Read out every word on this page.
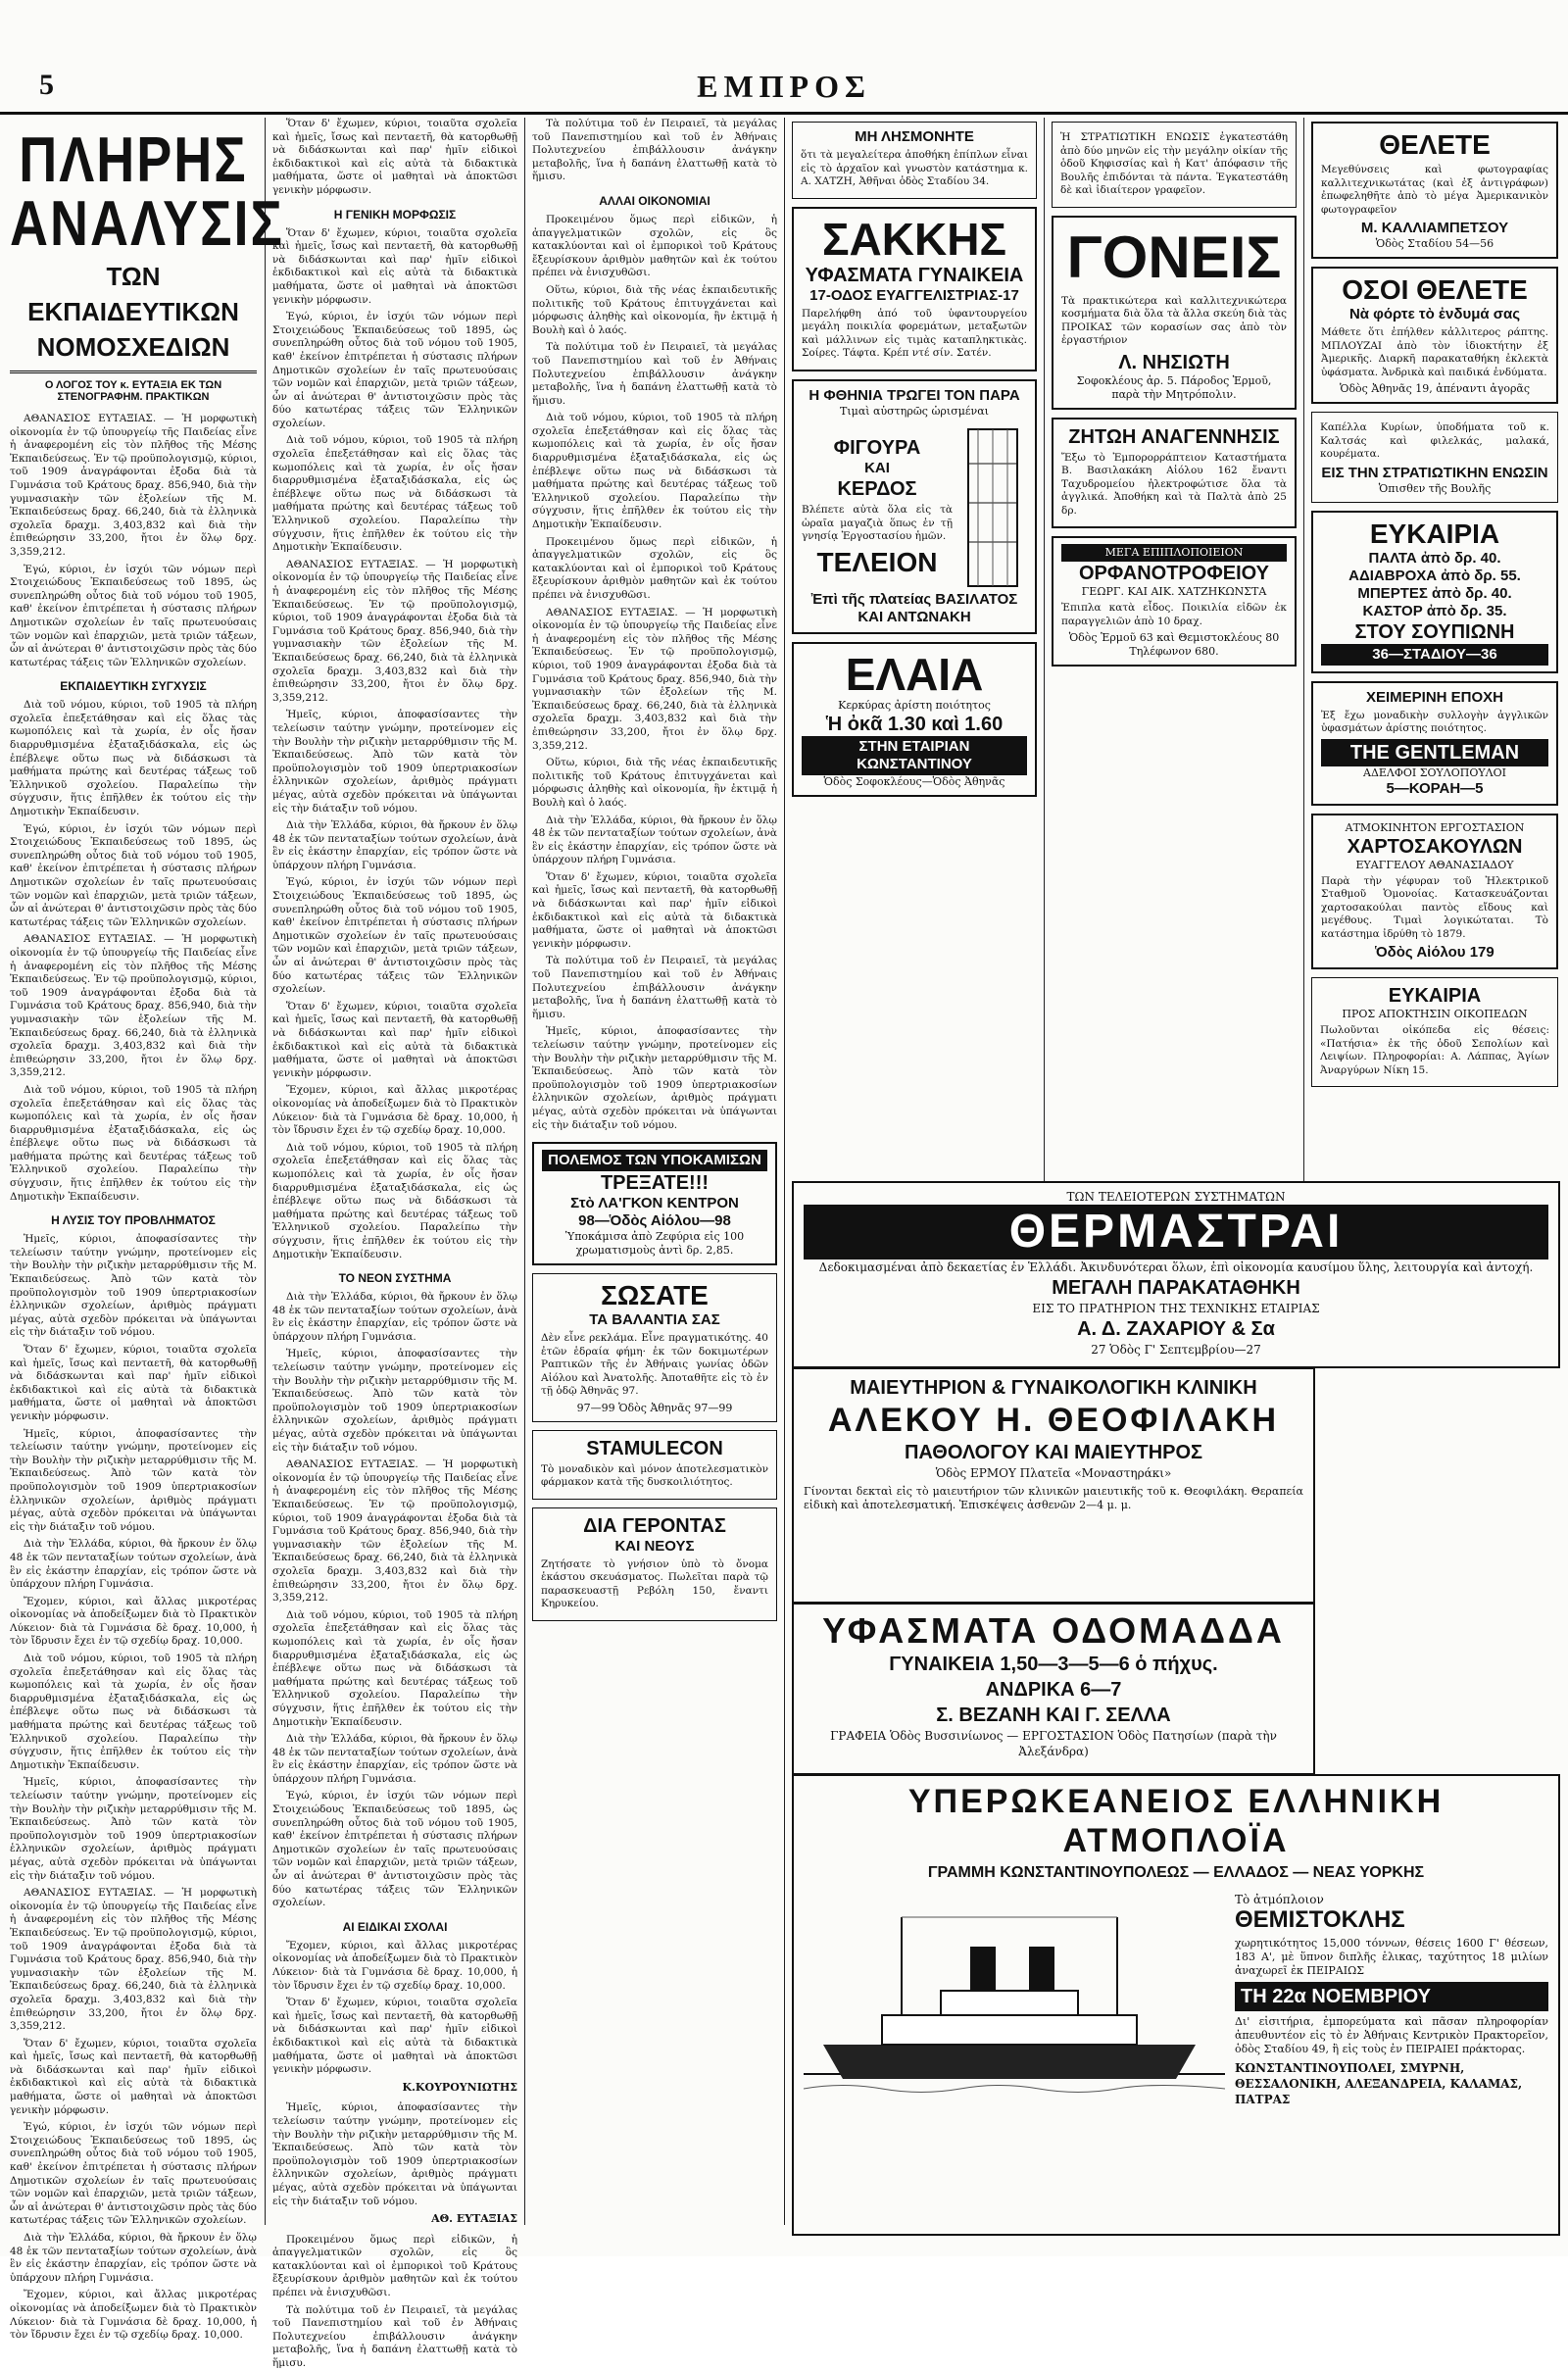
5	ΕΜΠΡΟΣ
ΠΛΗΡΗΣ ΑΝΑΛΥΣΙΣ
ΤΩΝ ΕΚΠΑΙΔΕΥΤΙΚΩΝ ΝΟΜΟΣΧΕΔΙΩΝ
Ο ΛΟΓΟΣ ΤΟΥ κ. ΕΥΤΑΞΙΑ ΕΚ ΤΩΝ ΣΤΕΝΟΓΡΑΦΗΜ. ΠΡΑΚΤΙΚΩΝ

ΑΘΑΝΑΣΙΟΣ ΕΥΤΑΞΙΑΣ. — Ἡ μορφωτικὴ οἰκονομία ἐν τῷ ὑπουργείῳ τῆς Παιδείας εἶνε ἡ ἀναφερομένη εἰς τὸν πλῆθος τῆς Μέσης Ἐκπαιδεύσεως. Ἐν τῷ προϋπολογισμῷ, κύριοι, τοῦ 1909 ἀναγράφονται ἐξοδα διὰ τὰ Γυμνάσια τοῦ Κράτους δραχ. 856,940, διὰ τὴν γυμνασιακὴν τῶν ἑξολείων τῆς Μ. Ἐκπαιδεύσεως δραχ. 66,240, διὰ τὰ ἑλληνικὰ σχολεῖα δραχμ. 3,403,832 καὶ διὰ τὴν ἐπιθεώρησιν 33,200, ἤτοι ἐν ὅλῳ δρχ. 3,359,212.

Ἐγώ, κύριοι, ἐν ἰσχύι τῶν νόμων περὶ Στοιχειώδους Ἐκπαιδεύσεως τοῦ 1895, ὡς συνεπληρώθη οὗτος διὰ τοῦ νόμου τοῦ 1905, καθ' ἐκείνον ἐπιτρέπεται ἡ σύστασις πλήρων Δημοτικῶν σχολείων ἐν ταῖς πρωτευούσαις τῶν νομῶν καὶ ἐπαρχιῶν, μετὰ τριῶν τάξεων, ὧν αἱ ἀνώτεραι θ' ἀντιστοιχῶσιν πρὸς τὰς δύο κατωτέρας τάξεις τῶν Ἑλληνικῶν σχολείων.

ΕΚΠΑΙΔΕΥΤΙΚΗ ΣΥΓΧΥΣΙΣ

Διὰ τοῦ νόμου, κύριοι, τοῦ 1905 τὰ πλήρη σχολεῖα ἐπεξετάθησαν καὶ εἰς ὅλας τὰς κωμοπόλεις καὶ τὰ χωρία, ἐν οἷς ἤσαν διαρρυθμισμένα ἑξαταξιδάσκαλα, εἰς ὡς ἐπέβλεψε οὕτω πως νὰ διδάσκωσι τὰ μαθήματα πρώτης καὶ δευτέρας τάξεως τοῦ Ἑλληνικοῦ σχολείου. Παραλείπω τὴν σύγχυσιν, ἥτις ἐπῆλθεν ἐκ τούτου εἰς τὴν Δημοτικὴν Ἐκπαίδευσιν.

Ἐγώ, κύριοι, ἐν ἰσχύι τῶν νόμων περὶ Στοιχειώδους Ἐκπαιδεύσεως τοῦ 1895, ὡς συνεπληρώθη οὗτος διὰ τοῦ νόμου τοῦ 1905, καθ' ἐκείνον ἐπιτρέπεται ἡ σύστασις πλήρων Δημοτικῶν σχολείων ἐν ταῖς πρωτευούσαις τῶν νομῶν καὶ ἐπαρχιῶν, μετὰ τριῶν τάξεων, ὧν αἱ ἀνώτεραι θ' ἀντιστοιχῶσιν πρὸς τὰς δύο κατωτέρας τάξεις τῶν Ἑλληνικῶν σχολείων.

ΑΘΑΝΑΣΙΟΣ ΕΥΤΑΞΙΑΣ. — Ἡ μορφωτικὴ οἰκονομία ἐν τῷ ὑπουργείῳ τῆς Παιδείας εἶνε ἡ ἀναφερομένη εἰς τὸν πλῆθος τῆς Μέσης Ἐκπαιδεύσεως. Ἐν τῷ προϋπολογισμῷ, κύριοι, τοῦ 1909 ἀναγράφονται ἐξοδα διὰ τὰ Γυμνάσια τοῦ Κράτους δραχ. 856,940, διὰ τὴν γυμνασιακὴν τῶν ἑξολείων τῆς Μ. Ἐκπαιδεύσεως δραχ. 66,240, διὰ τὰ ἑλληνικὰ σχολεῖα δραχμ. 3,403,832 καὶ διὰ τὴν ἐπιθεώρησιν 33,200, ἤτοι ἐν ὅλῳ δρχ. 3,359,212.

Διὰ τοῦ νόμου, κύριοι, τοῦ 1905 τὰ πλήρη σχολεῖα ἐπεξετάθησαν καὶ εἰς ὅλας τὰς κωμοπόλεις καὶ τὰ χωρία, ἐν οἷς ἤσαν διαρρυθμισμένα ἑξαταξιδάσκαλα, εἰς ὡς ἐπέβλεψε οὕτω πως νὰ διδάσκωσι τὰ μαθήματα πρώτης καὶ δευτέρας τάξεως τοῦ Ἑλληνικοῦ σχολείου. Παραλείπω τὴν σύγχυσιν, ἥτις ἐπῆλθεν ἐκ τούτου εἰς τὴν Δημοτικὴν Ἐκπαίδευσιν.

Η ΛΥΣΙΣ ΤΟΥ ΠΡΟΒΛΗΜΑΤΟΣ

Ἡμεῖς, κύριοι, ἀποφασίσαντες τὴν τελείωσιν ταύτην γνώμην, προτείνομεν εἰς τὴν Βουλὴν τὴν ριζικὴν μεταρρύθμισιν τῆς Μ. Ἐκπαιδεύσεως. Ἀπὸ τῶν κατὰ τὸν προϋπολογισμὸν τοῦ 1909 ὑπερτριακοσίων ἑλληνικῶν σχολείων, ἀριθμὸς πράγματι μέγας, αὐτὰ σχεδὸν πρόκειται νὰ ὑπάγωνται εἰς τὴν διάταξιν τοῦ νόμου.

Ὅταν δ' ἔχωμεν, κύριοι, τοιαῦτα σχολεῖα καὶ ἡμεῖς, ἴσως καὶ πενταετῆ, θὰ κατορθωθῇ νὰ διδάσκωνται καὶ παρ' ἡμῖν εἰδικοὶ ἐκδιδακτικοὶ καὶ εἰς αὐτὰ τὰ διδακτικὰ μαθήματα, ὥστε οἱ μαθηταὶ νὰ ἀποκτῶσι γενικὴν μόρφωσιν.

Ἡμεῖς, κύριοι, ἀποφασίσαντες τὴν τελείωσιν ταύτην γνώμην, προτείνομεν εἰς τὴν Βουλὴν τὴν ριζικὴν μεταρρύθμισιν τῆς Μ. Ἐκπαιδεύσεως. Ἀπὸ τῶν κατὰ τὸν προϋπολογισμὸν τοῦ 1909 ὑπερτριακοσίων ἑλληνικῶν σχολείων, ἀριθμὸς πράγματι μέγας, αὐτὰ σχεδὸν πρόκειται νὰ ὑπάγωνται εἰς τὴν διάταξιν τοῦ νόμου.

Διὰ τὴν Ἑλλάδα, κύριοι, θὰ ἤρκουν ἐν ὅλῳ 48 ἐκ τῶν πενταταξίων τούτων σχολείων, ἀνὰ ἓν εἰς ἑκάστην ἐπαρχίαν, εἰς τρόπον ὥστε νὰ ὑπάρχουν πλήρη Γυμνάσια.

Ἔχομεν, κύριοι, καὶ ἄλλας μικροτέρας οἰκονομίας νὰ ἀποδείξωμεν διὰ τὸ Πρακτικὸν Λύκειον· διὰ τὰ Γυμνάσια δὲ δραχ. 10,000, ἡ τὸν ἴδρυσιν ἔχει ἐν τῷ σχεδίῳ δραχ. 10,000.

Διὰ τοῦ νόμου, κύριοι, τοῦ 1905 τὰ πλήρη σχολεῖα ἐπεξετάθησαν καὶ εἰς ὅλας τὰς κωμοπόλεις καὶ τὰ χωρία, ἐν οἷς ἤσαν διαρρυθμισμένα ἑξαταξιδάσκαλα, εἰς ὡς ἐπέβλεψε οὕτω πως νὰ διδάσκωσι τὰ μαθήματα πρώτης καὶ δευτέρας τάξεως τοῦ Ἑλληνικοῦ σχολείου. Παραλείπω τὴν σύγχυσιν, ἥτις ἐπῆλθεν ἐκ τούτου εἰς τὴν Δημοτικὴν Ἐκπαίδευσιν.

Ἡμεῖς, κύριοι, ἀποφασίσαντες τὴν τελείωσιν ταύτην γνώμην, προτείνομεν εἰς τὴν Βουλὴν τὴν ριζικὴν μεταρρύθμισιν τῆς Μ. Ἐκπαιδεύσεως. Ἀπὸ τῶν κατὰ τὸν προϋπολογισμὸν τοῦ 1909 ὑπερτριακοσίων ἑλληνικῶν σχολείων, ἀριθμὸς πράγματι μέγας, αὐτὰ σχεδὸν πρόκειται νὰ ὑπάγωνται εἰς τὴν διάταξιν τοῦ νόμου.

ΑΘΑΝΑΣΙΟΣ ΕΥΤΑΞΙΑΣ. — Ἡ μορφωτικὴ οἰκονομία ἐν τῷ ὑπουργείῳ τῆς Παιδείας εἶνε ἡ ἀναφερομένη εἰς τὸν πλῆθος τῆς Μέσης Ἐκπαιδεύσεως. Ἐν τῷ προϋπολογισμῷ, κύριοι, τοῦ 1909 ἀναγράφονται ἐξοδα διὰ τὰ Γυμνάσια τοῦ Κράτους δραχ. 856,940, διὰ τὴν γυμνασιακὴν τῶν ἑξολείων τῆς Μ. Ἐκπαιδεύσεως δραχ. 66,240, διὰ τὰ ἑλληνικὰ σχολεῖα δραχμ. 3,403,832 καὶ διὰ τὴν ἐπιθεώρησιν 33,200, ἤτοι ἐν ὅλῳ δρχ. 3,359,212.

Ὅταν δ' ἔχωμεν, κύριοι, τοιαῦτα σχολεῖα καὶ ἡμεῖς, ἴσως καὶ πενταετῆ, θὰ κατορθωθῇ νὰ διδάσκωνται καὶ παρ' ἡμῖν εἰδικοὶ ἐκδιδακτικοὶ καὶ εἰς αὐτὰ τὰ διδακτικὰ μαθήματα, ὥστε οἱ μαθηταὶ νὰ ἀποκτῶσι γενικὴν μόρφωσιν.

Ἐγώ, κύριοι, ἐν ἰσχύι τῶν νόμων περὶ Στοιχειώδους Ἐκπαιδεύσεως τοῦ 1895, ὡς συνεπληρώθη οὗτος διὰ τοῦ νόμου τοῦ 1905, καθ' ἐκείνον ἐπιτρέπεται ἡ σύστασις πλήρων Δημοτικῶν σχολείων ἐν ταῖς πρωτευούσαις τῶν νομῶν καὶ ἐπαρχιῶν, μετὰ τριῶν τάξεων, ὧν αἱ ἀνώτεραι θ' ἀντιστοιχῶσιν πρὸς τὰς δύο κατωτέρας τάξεις τῶν Ἑλληνικῶν σχολείων.

Διὰ τὴν Ἑλλάδα, κύριοι, θὰ ἤρκουν ἐν ὅλῳ 48 ἐκ τῶν πενταταξίων τούτων σχολείων, ἀνὰ ἓν εἰς ἑκάστην ἐπαρχίαν, εἰς τρόπον ὥστε νὰ ὑπάρχουν πλήρη Γυμνάσια.

Ἔχομεν, κύριοι, καὶ ἄλλας μικροτέρας οἰκονομίας νὰ ἀποδείξωμεν διὰ τὸ Πρακτικὸν Λύκειον· διὰ τὰ Γυμνάσια δὲ δραχ. 10,000, ἡ τὸν ἴδρυσιν ἔχει ἐν τῷ σχεδίῳ δραχ. 10,000.

Ὅταν δ' ἔχωμεν, κύριοι, τοιαῦτα σχολεῖα καὶ ἡμεῖς, ἴσως καὶ πενταετῆ, θὰ κατορθωθῇ νὰ διδάσκωνται καὶ παρ' ἡμῖν εἰδικοὶ ἐκδιδακτικοὶ καὶ εἰς αὐτὰ τὰ διδακτικὰ μαθήματα, ὥστε οἱ μαθηταὶ νὰ ἀποκτῶσι γενικὴν μόρφωσιν.

Η ΓΕΝΙΚΗ ΜΟΡΦΩΣΙΣ

Ὅταν δ' ἔχωμεν, κύριοι, τοιαῦτα σχολεῖα καὶ ἡμεῖς, ἴσως καὶ πενταετῆ, θὰ κατορθωθῇ νὰ διδάσκωνται καὶ παρ' ἡμῖν εἰδικοὶ ἐκδιδακτικοὶ καὶ εἰς αὐτὰ τὰ διδακτικὰ μαθήματα, ὥστε οἱ μαθηταὶ νὰ ἀποκτῶσι γενικὴν μόρφωσιν.

Ἐγώ, κύριοι, ἐν ἰσχύι τῶν νόμων περὶ Στοιχειώδους Ἐκπαιδεύσεως τοῦ 1895, ὡς συνεπληρώθη οὗτος διὰ τοῦ νόμου τοῦ 1905, καθ' ἐκείνον ἐπιτρέπεται ἡ σύστασις πλήρων Δημοτικῶν σχολείων ἐν ταῖς πρωτευούσαις τῶν νομῶν καὶ ἐπαρχιῶν, μετὰ τριῶν τάξεων, ὧν αἱ ἀνώτεραι θ' ἀντιστοιχῶσιν πρὸς τὰς δύο κατωτέρας τάξεις τῶν Ἑλληνικῶν σχολείων.

Διὰ τοῦ νόμου, κύριοι, τοῦ 1905 τὰ πλήρη σχολεῖα ἐπεξετάθησαν καὶ εἰς ὅλας τὰς κωμοπόλεις καὶ τὰ χωρία, ἐν οἷς ἤσαν διαρρυθμισμένα ἑξαταξιδάσκαλα, εἰς ὡς ἐπέβλεψε οὕτω πως νὰ διδάσκωσι τὰ μαθήματα πρώτης καὶ δευτέρας τάξεως τοῦ Ἑλληνικοῦ σχολείου. Παραλείπω τὴν σύγχυσιν, ἥτις ἐπῆλθεν ἐκ τούτου εἰς τὴν Δημοτικὴν Ἐκπαίδευσιν.

ΑΘΑΝΑΣΙΟΣ ΕΥΤΑΞΙΑΣ. — Ἡ μορφωτικὴ οἰκονομία ἐν τῷ ὑπουργείῳ τῆς Παιδείας εἶνε ἡ ἀναφερομένη εἰς τὸν πλῆθος τῆς Μέσης Ἐκπαιδεύσεως. Ἐν τῷ προϋπολογισμῷ, κύριοι, τοῦ 1909 ἀναγράφονται ἐξοδα διὰ τὰ Γυμνάσια τοῦ Κράτους δραχ. 856,940, διὰ τὴν γυμνασιακὴν τῶν ἑξολείων τῆς Μ. Ἐκπαιδεύσεως δραχ. 66,240, διὰ τὰ ἑλληνικὰ σχολεῖα δραχμ. 3,403,832 καὶ διὰ τὴν ἐπιθεώρησιν 33,200, ἤτοι ἐν ὅλῳ δρχ. 3,359,212.

Ἡμεῖς, κύριοι, ἀποφασίσαντες τὴν τελείωσιν ταύτην γνώμην, προτείνομεν εἰς τὴν Βουλὴν τὴν ριζικὴν μεταρρύθμισιν τῆς Μ. Ἐκπαιδεύσεως. Ἀπὸ τῶν κατὰ τὸν προϋπολογισμὸν τοῦ 1909 ὑπερτριακοσίων ἑλληνικῶν σχολείων, ἀριθμὸς πράγματι μέγας, αὐτὰ σχεδὸν πρόκειται νὰ ὑπάγωνται εἰς τὴν διάταξιν τοῦ νόμου.

Διὰ τὴν Ἑλλάδα, κύριοι, θὰ ἤρκουν ἐν ὅλῳ 48 ἐκ τῶν πενταταξίων τούτων σχολείων, ἀνὰ ἓν εἰς ἑκάστην ἐπαρχίαν, εἰς τρόπον ὥστε νὰ ὑπάρχουν πλήρη Γυμνάσια.

Ἐγώ, κύριοι, ἐν ἰσχύι τῶν νόμων περὶ Στοιχειώδους Ἐκπαιδεύσεως τοῦ 1895, ὡς συνεπληρώθη οὗτος διὰ τοῦ νόμου τοῦ 1905, καθ' ἐκείνον ἐπιτρέπεται ἡ σύστασις πλήρων Δημοτικῶν σχολείων ἐν ταῖς πρωτευούσαις τῶν νομῶν καὶ ἐπαρχιῶν, μετὰ τριῶν τάξεων, ὧν αἱ ἀνώτεραι θ' ἀντιστοιχῶσιν πρὸς τὰς δύο κατωτέρας τάξεις τῶν Ἑλληνικῶν σχολείων.

Ὅταν δ' ἔχωμεν, κύριοι, τοιαῦτα σχολεῖα καὶ ἡμεῖς, ἴσως καὶ πενταετῆ, θὰ κατορθωθῇ νὰ διδάσκωνται καὶ παρ' ἡμῖν εἰδικοὶ ἐκδιδακτικοὶ καὶ εἰς αὐτὰ τὰ διδακτικὰ μαθήματα, ὥστε οἱ μαθηταὶ νὰ ἀποκτῶσι γενικὴν μόρφωσιν.

Ἔχομεν, κύριοι, καὶ ἄλλας μικροτέρας οἰκονομίας νὰ ἀποδείξωμεν διὰ τὸ Πρακτικὸν Λύκειον· διὰ τὰ Γυμνάσια δὲ δραχ. 10,000, ἡ τὸν ἴδρυσιν ἔχει ἐν τῷ σχεδίῳ δραχ. 10,000.

Διὰ τοῦ νόμου, κύριοι, τοῦ 1905 τὰ πλήρη σχολεῖα ἐπεξετάθησαν καὶ εἰς ὅλας τὰς κωμοπόλεις καὶ τὰ χωρία, ἐν οἷς ἤσαν διαρρυθμισμένα ἑξαταξιδάσκαλα, εἰς ὡς ἐπέβλεψε οὕτω πως νὰ διδάσκωσι τὰ μαθήματα πρώτης καὶ δευτέρας τάξεως τοῦ Ἑλληνικοῦ σχολείου. Παραλείπω τὴν σύγχυσιν, ἥτις ἐπῆλθεν ἐκ τούτου εἰς τὴν Δημοτικὴν Ἐκπαίδευσιν.

ΤΟ ΝΕΟΝ ΣΥΣΤΗΜΑ

Διὰ τὴν Ἑλλάδα, κύριοι, θὰ ἤρκουν ἐν ὅλῳ 48 ἐκ τῶν πενταταξίων τούτων σχολείων, ἀνὰ ἓν εἰς ἑκάστην ἐπαρχίαν, εἰς τρόπον ὥστε νὰ ὑπάρχουν πλήρη Γυμνάσια.

Ἡμεῖς, κύριοι, ἀποφασίσαντες τὴν τελείωσιν ταύτην γνώμην, προτείνομεν εἰς τὴν Βουλὴν τὴν ριζικὴν μεταρρύθμισιν τῆς Μ. Ἐκπαιδεύσεως. Ἀπὸ τῶν κατὰ τὸν προϋπολογισμὸν τοῦ 1909 ὑπερτριακοσίων ἑλληνικῶν σχολείων, ἀριθμὸς πράγματι μέγας, αὐτὰ σχεδὸν πρόκειται νὰ ὑπάγωνται εἰς τὴν διάταξιν τοῦ νόμου.

ΑΘΑΝΑΣΙΟΣ ΕΥΤΑΞΙΑΣ. — Ἡ μορφωτικὴ οἰκονομία ἐν τῷ ὑπουργείῳ τῆς Παιδείας εἶνε ἡ ἀναφερομένη εἰς τὸν πλῆθος τῆς Μέσης Ἐκπαιδεύσεως. Ἐν τῷ προϋπολογισμῷ, κύριοι, τοῦ 1909 ἀναγράφονται ἐξοδα διὰ τὰ Γυμνάσια τοῦ Κράτους δραχ. 856,940, διὰ τὴν γυμνασιακὴν τῶν ἑξολείων τῆς Μ. Ἐκπαιδεύσεως δραχ. 66,240, διὰ τὰ ἑλληνικὰ σχολεῖα δραχμ. 3,403,832 καὶ διὰ τὴν ἐπιθεώρησιν 33,200, ἤτοι ἐν ὅλῳ δρχ. 3,359,212.

Διὰ τοῦ νόμου, κύριοι, τοῦ 1905 τὰ πλήρη σχολεῖα ἐπεξετάθησαν καὶ εἰς ὅλας τὰς κωμοπόλεις καὶ τὰ χωρία, ἐν οἷς ἤσαν διαρρυθμισμένα ἑξαταξιδάσκαλα, εἰς ὡς ἐπέβλεψε οὕτω πως νὰ διδάσκωσι τὰ μαθήματα πρώτης καὶ δευτέρας τάξεως τοῦ Ἑλληνικοῦ σχολείου. Παραλείπω τὴν σύγχυσιν, ἥτις ἐπῆλθεν ἐκ τούτου εἰς τὴν Δημοτικὴν Ἐκπαίδευσιν.

Διὰ τὴν Ἑλλάδα, κύριοι, θὰ ἤρκουν ἐν ὅλῳ 48 ἐκ τῶν πενταταξίων τούτων σχολείων, ἀνὰ ἓν εἰς ἑκάστην ἐπαρχίαν, εἰς τρόπον ὥστε νὰ ὑπάρχουν πλήρη Γυμνάσια.

Ἐγώ, κύριοι, ἐν ἰσχύι τῶν νόμων περὶ Στοιχειώδους Ἐκπαιδεύσεως τοῦ 1895, ὡς συνεπληρώθη οὗτος διὰ τοῦ νόμου τοῦ 1905, καθ' ἐκείνον ἐπιτρέπεται ἡ σύστασις πλήρων Δημοτικῶν σχολείων ἐν ταῖς πρωτευούσαις τῶν νομῶν καὶ ἐπαρχιῶν, μετὰ τριῶν τάξεων, ὧν αἱ ἀνώτεραι θ' ἀντιστοιχῶσιν πρὸς τὰς δύο κατωτέρας τάξεις τῶν Ἑλληνικῶν σχολείων.

ΑΙ ΕΙΔΙΚΑΙ ΣΧΟΛΑΙ

Ἔχομεν, κύριοι, καὶ ἄλλας μικροτέρας οἰκονομίας νὰ ἀποδείξωμεν διὰ τὸ Πρακτικὸν Λύκειον· διὰ τὰ Γυμνάσια δὲ δραχ. 10,000, ἡ τὸν ἴδρυσιν ἔχει ἐν τῷ σχεδίῳ δραχ. 10,000.

Ὅταν δ' ἔχωμεν, κύριοι, τοιαῦτα σχολεῖα καὶ ἡμεῖς, ἴσως καὶ πενταετῆ, θὰ κατορθωθῇ νὰ διδάσκωνται καὶ παρ' ἡμῖν εἰδικοὶ ἐκδιδακτικοὶ καὶ εἰς αὐτὰ τὰ διδακτικὰ μαθήματα, ὥστε οἱ μαθηταὶ νὰ ἀποκτῶσι γενικὴν μόρφωσιν.

Κ.ΚΟΥΡΟΥΝΙΩΤΗΣ

Ἡμεῖς, κύριοι, ἀποφασίσαντες τὴν τελείωσιν ταύτην γνώμην, προτείνομεν εἰς τὴν Βουλὴν τὴν ριζικὴν μεταρρύθμισιν τῆς Μ. Ἐκπαιδεύσεως. Ἀπὸ τῶν κατὰ τὸν προϋπολογισμὸν τοῦ 1909 ὑπερτριακοσίων ἑλληνικῶν σχολείων, ἀριθμὸς πράγματι μέγας, αὐτὰ σχεδὸν πρόκειται νὰ ὑπάγωνται εἰς τὴν διάταξιν τοῦ νόμου.

ΑΘ. ΕΥΤΑΞΙΑΣ

Προκειμένου ὅμως περὶ εἰδικῶν, ἡ ἀπαγγελματικῶν σχολῶν, εἰς ὃς κατακλύονται καὶ οἱ ἐμπορικοὶ τοῦ Κράτους ἔξευρίσκουν ἀριθμὸν μαθητῶν καὶ ἐκ τούτου πρέπει νὰ ἐνισχυθῶσι.

Τὰ πολύτιμα τοῦ ἐν Πειραιεῖ, τὰ μεγάλας τοῦ Πανεπιστημίου καὶ τοῦ ἐν Ἀθήναις Πολυτεχνείου ἐπιβάλλουσιν ἀνάγκην μεταβολῆς, ἵνα ἡ δαπάνη ἐλαττωθῇ κατὰ τὸ ἥμισυ.

Τὰ πολύτιμα τοῦ ἐν Πειραιεῖ, τὰ μεγάλας τοῦ Πανεπιστημίου καὶ τοῦ ἐν Ἀθήναις Πολυτεχνείου ἐπιβάλλουσιν ἀνάγκην μεταβολῆς, ἵνα ἡ δαπάνη ἐλαττωθῇ κατὰ τὸ ἥμισυ.

ΑΛΛΑΙ ΟΙΚΟΝΟΜΙΑΙ

Προκειμένου ὅμως περὶ εἰδικῶν, ἡ ἀπαγγελματικῶν σχολῶν, εἰς ὃς κατακλύονται καὶ οἱ ἐμπορικοὶ τοῦ Κράτους ἔξευρίσκουν ἀριθμὸν μαθητῶν καὶ ἐκ τούτου πρέπει νὰ ἐνισχυθῶσι.

Οὕτω, κύριοι, διὰ τῆς νέας ἐκπαιδευτικῆς πολιτικῆς τοῦ Κράτους ἐπιτυγχάνεται καὶ μόρφωσις ἀληθὴς καὶ οἰκονομία, ἣν ἐκτιμᾷ ἡ Βουλὴ καὶ ὁ λαός.

Τὰ πολύτιμα τοῦ ἐν Πειραιεῖ, τὰ μεγάλας τοῦ Πανεπιστημίου καὶ τοῦ ἐν Ἀθήναις Πολυτεχνείου ἐπιβάλλουσιν ἀνάγκην μεταβολῆς, ἵνα ἡ δαπάνη ἐλαττωθῇ κατὰ τὸ ἥμισυ.

Διὰ τοῦ νόμου, κύριοι, τοῦ 1905 τὰ πλήρη σχολεῖα ἐπεξετάθησαν καὶ εἰς ὅλας τὰς κωμοπόλεις καὶ τὰ χωρία, ἐν οἷς ἤσαν διαρρυθμισμένα ἑξαταξιδάσκαλα, εἰς ὡς ἐπέβλεψε οὕτω πως νὰ διδάσκωσι τὰ μαθήματα πρώτης καὶ δευτέρας τάξεως τοῦ Ἑλληνικοῦ σχολείου. Παραλείπω τὴν σύγχυσιν, ἥτις ἐπῆλθεν ἐκ τούτου εἰς τὴν Δημοτικὴν Ἐκπαίδευσιν.

Προκειμένου ὅμως περὶ εἰδικῶν, ἡ ἀπαγγελματικῶν σχολῶν, εἰς ὃς κατακλύονται καὶ οἱ ἐμπορικοὶ τοῦ Κράτους ἔξευρίσκουν ἀριθμὸν μαθητῶν καὶ ἐκ τούτου πρέπει νὰ ἐνισχυθῶσι.

ΑΘΑΝΑΣΙΟΣ ΕΥΤΑΞΙΑΣ. — Ἡ μορφωτικὴ οἰκονομία ἐν τῷ ὑπουργείῳ τῆς Παιδείας εἶνε ἡ ἀναφερομένη εἰς τὸν πλῆθος τῆς Μέσης Ἐκπαιδεύσεως. Ἐν τῷ προϋπολογισμῷ, κύριοι, τοῦ 1909 ἀναγράφονται ἐξοδα διὰ τὰ Γυμνάσια τοῦ Κράτους δραχ. 856,940, διὰ τὴν γυμνασιακὴν τῶν ἑξολείων τῆς Μ. Ἐκπαιδεύσεως δραχ. 66,240, διὰ τὰ ἑλληνικὰ σχολεῖα δραχμ. 3,403,832 καὶ διὰ τὴν ἐπιθεώρησιν 33,200, ἤτοι ἐν ὅλῳ δρχ. 3,359,212.

Οὕτω, κύριοι, διὰ τῆς νέας ἐκπαιδευτικῆς πολιτικῆς τοῦ Κράτους ἐπιτυγχάνεται καὶ μόρφωσις ἀληθὴς καὶ οἰκονομία, ἣν ἐκτιμᾷ ἡ Βουλὴ καὶ ὁ λαός.

Διὰ τὴν Ἑλλάδα, κύριοι, θὰ ἤρκουν ἐν ὅλῳ 48 ἐκ τῶν πενταταξίων τούτων σχολείων, ἀνὰ ἓν εἰς ἑκάστην ἐπαρχίαν, εἰς τρόπον ὥστε νὰ ὑπάρχουν πλήρη Γυμνάσια.

Ὅταν δ' ἔχωμεν, κύριοι, τοιαῦτα σχολεῖα καὶ ἡμεῖς, ἴσως καὶ πενταετῆ, θὰ κατορθωθῇ νὰ διδάσκωνται καὶ παρ' ἡμῖν εἰδικοὶ ἐκδιδακτικοὶ καὶ εἰς αὐτὰ τὰ διδακτικὰ μαθήματα, ὥστε οἱ μαθηταὶ νὰ ἀποκτῶσι γενικὴν μόρφωσιν.

Τὰ πολύτιμα τοῦ ἐν Πειραιεῖ, τὰ μεγάλας τοῦ Πανεπιστημίου καὶ τοῦ ἐν Ἀθήναις Πολυτεχνείου ἐπιβάλλουσιν ἀνάγκην μεταβολῆς, ἵνα ἡ δαπάνη ἐλαττωθῇ κατὰ τὸ ἥμισυ.

Ἡμεῖς, κύριοι, ἀποφασίσαντες τὴν τελείωσιν ταύτην γνώμην, προτείνομεν εἰς τὴν Βουλὴν τὴν ριζικὴν μεταρρύθμισιν τῆς Μ. Ἐκπαιδεύσεως. Ἀπὸ τῶν κατὰ τὸν προϋπολογισμὸν τοῦ 1909 ὑπερτριακοσίων ἑλληνικῶν σχολείων, ἀριθμὸς πράγματι μέγας, αὐτὰ σχεδὸν πρόκειται νὰ ὑπάγωνται εἰς τὴν διάταξιν τοῦ νόμου.

ΠΟΛΕΜΟΣ ΤΩΝ ΥΠΟΚΑΜΙΣΩΝ
ΤΡΕΞΑΤΕ!!!
Στὸ ΛΑ'ΓΚΟΝ ΚΕΝΤΡΟΝ
98—Ὁδὸς Αἰόλου—98
Ὑποκάμισα ἀπὸ Ζεφύρια εἰς 100 χρωματισμοὺς ἀντὶ δρ. 2,85.
ΣΩΣΑΤΕ
ΤΑ ΒΑΛΑΝΤΙΑ ΣΑΣ

Δὲν εἶνε ρεκλάμα. Εἶνε πραγματικότης. 40 ἐτῶν ἑδραία φήμη· ἐκ τῶν δοκιμωτέρων Ραπτικῶν τῆς ἐν Ἀθήναις γωνίας ὁδῶν Αἰόλου καὶ Ἀνατολῆς. Ἀποταθῆτε εἰς τὸ ἐν τῇ ὁδῷ Ἀθηνᾶς 97.

97—99 Ὁδὸς Ἀθηνᾶς 97—99
STAMULECON

Τὸ μοναδικὸν καὶ μόνον ἀποτελεσματικὸν φάρμακον κατὰ τῆς δυσκοιλιότητος.

ΔΙΑ ΓΕΡΟΝΤΑΣ
ΚΑΙ ΝΕΟΥΣ

Ζητήσατε τὸ γνήσιον ὑπὸ τὸ ὄνομα ἑκάστου σκευάσματος. Πωλεῖται παρὰ τῷ παρασκευαστῇ Ρεβόλη 150, ἔναντι Κηρυκείου.

ΜΗ ΛΗΣΜΟΝΗΤΕ

ὅτι τὰ μεγαλείτερα ἀποθήκη ἐπίπλων εἶναι εἰς τὸ ἀρχαῖον καὶ γνωστὸν κατάστημα κ. Α. ΧΑΤΖΗ, Ἀθῆναι ὁδὸς Σταδίου 34.

ΣΑΚΚΗΣ
ΥΦΑΣΜΑΤΑ ΓΥΝΑΙΚΕΙΑ
17-ΟΔΟΣ ΕΥΑΓΓΕΛΙΣΤΡΙΑΣ-17

Παρελήφθη ἀπό τοῦ ὑφαντουργείου μεγάλη ποικιλία φορεμάτων, μεταξωτῶν καὶ μάλλινων εἰς τιμὰς καταπληκτικὰς. Σοίρες. Τάφτα. Κρέπ ντέ σίν. Σατέν.

Η ΦΘΗΝΙΑ ΤΡΩΓΕΙ ΤΟΝ ΠΑΡΑ
Τιμαὶ αὐστηρῶς ὡρισμέναι
ΦΙΓΟΥΡΑ
ΚΑΙ
ΚΕΡΔΟΣ

Βλέπετε αὐτὰ ὅλα εἰς τὰ ὡραῖα μαγαζιὰ ὅπως ἐν τῇ γνησίᾳ Ἐργοστασίου ἡμῶν.

ΤΕΛΕΙΟΝ
Ἐπὶ τῆς πλατείας ΒΑΣΙΛΑΤΟΣ ΚΑΙ ΑΝΤΩΝΑΚΗ
ΕΛΑΙΑ
Κερκύρας ἀρίστη ποιότητος
Ἡ ὀκᾶ 1.30 καὶ 1.60
ΣΤΗΝ ΕΤΑΙΡΙΑΝ ΚΩΝΣΤΑΝΤΙΝΟΥ
Ὁδὸς Σοφοκλέους—Ὁδὸς Ἀθηνᾶς

Ἡ ΣΤΡΑΤΙΩΤΙΚΗ ΕΝΩΣΙΣ ἐγκατεστάθη ἀπὸ δύο μηνῶν εἰς τὴν μεγάλην οἰκίαν τῆς ὁδοῦ Κηφισσίας καὶ ἡ Κατ' ἀπόφασιν τῆς Βουλῆς ἐπιδόνται τὰ πάντα. Ἐγκατεστάθη δὲ καὶ ἰδιαίτερον γραφεῖον.

ΓΟΝΕΙΣ

Τὰ πρακτικώτερα καὶ καλλιτεχνικώτερα κοσμήματα διὰ ὅλα τὰ ἄλλα σκεύη διὰ τὰς ΠΡΟΙΚΑΣ τῶν κορασίων σας ἀπὸ τὸν ἐργαστήριον

Λ. ΝΗΣΙΩΤΗ
Σοφοκλέους ἀρ. 5. Πάροδος Ἑρμοῦ, παρὰ τὴν Μητρόπολιν.
ΖΗΤΩΗ ΑΝΑΓΕΝΝΗΣΙΣ

Ἔξω τὸ Ἐμπορορράπτειον Καταστήματα Β. Βασιλακάκη Αἰόλου 162 ἔναντι Ταχυδρομείου ἠλεκτροφώτισε ὅλα τὰ ἀγγλικά. Ἀποθήκη καὶ τὰ Παλτὰ ἀπὸ 25 δρ.

ΜΕΓΑ ΕΠΙΠΛΟΠΟΙΕΙΟΝ
ΟΡΦΑΝΟΤΡΟΦΕΙΟΥ
ΓΕΩΡΓ. ΚΑΙ ΑΙΚ. ΧΑΤΖΗΚΩΝΣΤΑ

Ἐπιπλα κατὰ εἶδος. Ποικιλία εἰδῶν ἐκ παραγγελιῶν ἀπὸ 10 δραχ.

Ὁδὸς Ἑρμοῦ 63 καὶ Θεμιστοκλέους 80 Τηλέφωνον 680.
ΘΕΛΕΤΕ

Μεγεθύνσεις καὶ φωτογραφίας καλλιτεχνικωτάτας (καὶ ἐξ ἀντιγράφων) ἐπωφεληθῆτε ἀπὸ τὸ μέγα Ἀμερικανικὸν φωτογραφεῖον

Μ. ΚΑΛΛΙΑΜΠΕΤΣΟΥ
Ὁδὸς Σταδίου 54—56
ΟΣΟΙ ΘΕΛΕΤΕ
Νὰ φόρτε τὸ ἐνδυμά σας

Μάθετε ὅτι ἐπήλθεν κἀλλιτερος ράπτης. ΜΠΛΟΥΖΑΙ ἀπὸ τὸν ἰδιοκτήτην ἐξ Ἀμερικῆς. Διαρκῆ παρακαταθήκη ἐκλεκτὰ ὑφάσματα. Ἀνδρικὰ καὶ παιδικά ἐνδύματα.

Ὁδὸς Ἀθηνᾶς 19, ἀπέναντι ἀγορᾶς

Καπέλλα Κυρίων, ὑποδήματα τοῦ κ. Καλτσάς καὶ φιλελκάς, μαλακά, κουρέματα.

ΕΙΣ ΤΗΝ ΣΤΡΑΤΙΩΤΙΚΗΝ ΕΝΩΣΙΝ
Ὁπισθεν τῆς Βουλῆς
ΕΥΚΑΙΡΙΑ
ΠΑΛΤΑ ἀπὸ δρ. 40.
ΑΔΙΑΒΡΟΧΑ ἀπὸ δρ. 55.
ΜΠΕΡΤΕΣ ἀπὸ δρ. 40.
ΚΑΣΤΟΡ ἀπὸ δρ. 35.
ΣΤΟΥ ΣΟΥΠΙΩΝΗ
36—ΣΤΑΔΙΟΥ—36
ΧΕΙΜΕΡΙΝΗ ΕΠΟΧΗ

Ἐξ ἔχω μοναδικὴν συλλογὴν ἀγγλικῶν ὑφασμάτων ἀρίστης ποιότητος.

THE GENTLEMAN
ΑΔΕΛΦΟΙ ΣΟΥΛΟΠΟΥΛΟΙ
5—ΚΟΡΑΗ—5
ΑΤΜΟΚΙΝΗΤΟΝ ΕΡΓΟΣΤΑΣΙΟΝ
ΧΑΡΤΟΣΑΚΟΥΛΩΝ
ΕΥΑΓΓΕΛΟΥ ΑΘΑΝΑΣΙΑΔΟΥ

Παρὰ τὴν γέφυραν τοῦ Ἠλεκτρικοῦ Σταθμοῦ Ὁμονοίας. Κατασκευάζονται χαρτοσακούλαι παντὸς εἴδους καὶ μεγέθους. Τιμαὶ λογικώταται. Τὸ κατάστημα ἰδρύθη τὸ 1879.

Ὁδὸς Αἰόλου 179
ΕΥΚΑΙΡΙΑ
ΠΡΟΣ ΑΠΟΚΤΗΣΙΝ ΟΙΚΟΠΕΔΩΝ

Πωλοῦνται οἰκόπεδα εἰς θέσεις: «Πατήσια» ἐκ τῆς ὁδοῦ Σεπολίων καὶ Λειψίων. Πληροφορίαι: Α. Λάππας, Ἀγίων Ἀναργύρων Νίκη 15.

ΤΩΝ ΤΕΛΕΙΟΤΕΡΩΝ ΣΥΣΤΗΜΑΤΩΝ
ΘΕΡΜΑΣΤΡΑΙ
Δεδοκιμασμέναι ἀπὸ δεκαετίας ἐν Ἑλλάδι. Ἀκινδυνότεραι ὅλων, ἐπὶ οἰκονομία καυσίμου ὕλης, λειτουργία καὶ ἀντοχή.
ΜΕΓΑΛΗ ΠΑΡΑΚΑΤΑΘΗΚΗ
ΕΙΣ ΤΟ ΠΡΑΤΗΡΙΟΝ ΤΗΣ ΤΕΧΝΙΚΗΣ ΕΤΑΙΡΙΑΣ
Α. Δ. ΖΑΧΑΡΙΟΥ & Σα
27 Ὁδὸς Γ' Σεπτεμβρίου—27
ΜΑΙΕΥΤΗΡΙΟΝ & ΓΥΝΑΙΚΟΛΟΓΙΚΗ ΚΛΙΝΙΚΗ
ΑΛΕΚΟΥ Η. ΘΕΟΦΙΛΑΚΗ
ΠΑΘΟΛΟΓΟΥ ΚΑΙ ΜΑΙΕΥΤΗΡΟΣ
Ὁδὸς ΕΡΜΟΥ Πλατεῖα «Μοναστηράκι»

Γίνονται δεκταὶ εἰς τὸ μαιευτήριον τῶν κλινικῶν μαιευτικῆς τοῦ κ. Θεοφιλάκη. Θεραπεία εἰδικὴ καὶ ἀποτελεσματική. Ἐπισκέψεις ἀσθενῶν 2—4 μ. μ.

ΥΦΑΣΜΑΤΑ ΟΔΟΜΑΔΔΑ
ΓΥΝΑΙΚΕΙΑ 1,50—3—5—6 ὁ πήχυς.
ΑΝΔΡΙΚΑ 6—7
Σ. ΒΕΖΑΝΗ ΚΑΙ Γ. ΣΕΛΛΑ
ΓΡΑΦΕΙΑ Ὁδὸς Βυσσινίωνος — ΕΡΓΟΣΤΑΣΙΟΝ Ὁδὸς Πατησίων (παρὰ τὴν Ἀλεξάνδρα)
ΥΠΕΡΩΚΕΑΝΕΙΟΣ ΕΛΛΗΝΙΚΗ ΑΤΜΟΠΛΟΪΑ
ΓΡΑΜΜΗ ΚΩΝΣΤΑΝΤΙΝΟΥΠΟΛΕΩΣ — ΕΛΛΑΔΟΣ — ΝΕΑΣ ΥΟΡΚΗΣ
Τὸ ἀτμόπλοιον
ΘΕΜΙΣΤΟΚΛΗΣ

χωρητικότητος 15,000 τόννων, θέσεις 1600 Γ' θέσεων, 183 Α', μὲ ὕπνον διπλῆς ἑλικας, ταχύτητος 18 μιλίων ἀναχωρεῖ ἐκ ΠΕΙΡΑΙΩΣ

ΤΗ 22α ΝΟΕΜΒΡΙΟΥ

Δι' εἰσιτήρια, ἐμπορεύματα καὶ πᾶσαν πληροφορίαν ἀπευθυντέον εἰς τὸ ἐν Ἀθήναις Κεντρικὸν Πρακτορεῖον, ὁδὸς Σταδίου 49, ἢ εἰς τοὺς ἐν ΠΕΙΡΑΙΕΙ πράκτορας.

ΚΩΝΣΤΑΝΤΙΝΟΥΠΟΛΕΙ, ΣΜΥΡΝΗ, ΘΕΣΣΑΛΟΝΙΚΗ, ΑΛΕΞΑΝΔΡΕΙΑ, ΚΑΛΑΜΑΣ, ΠΑΤΡΑΣ
